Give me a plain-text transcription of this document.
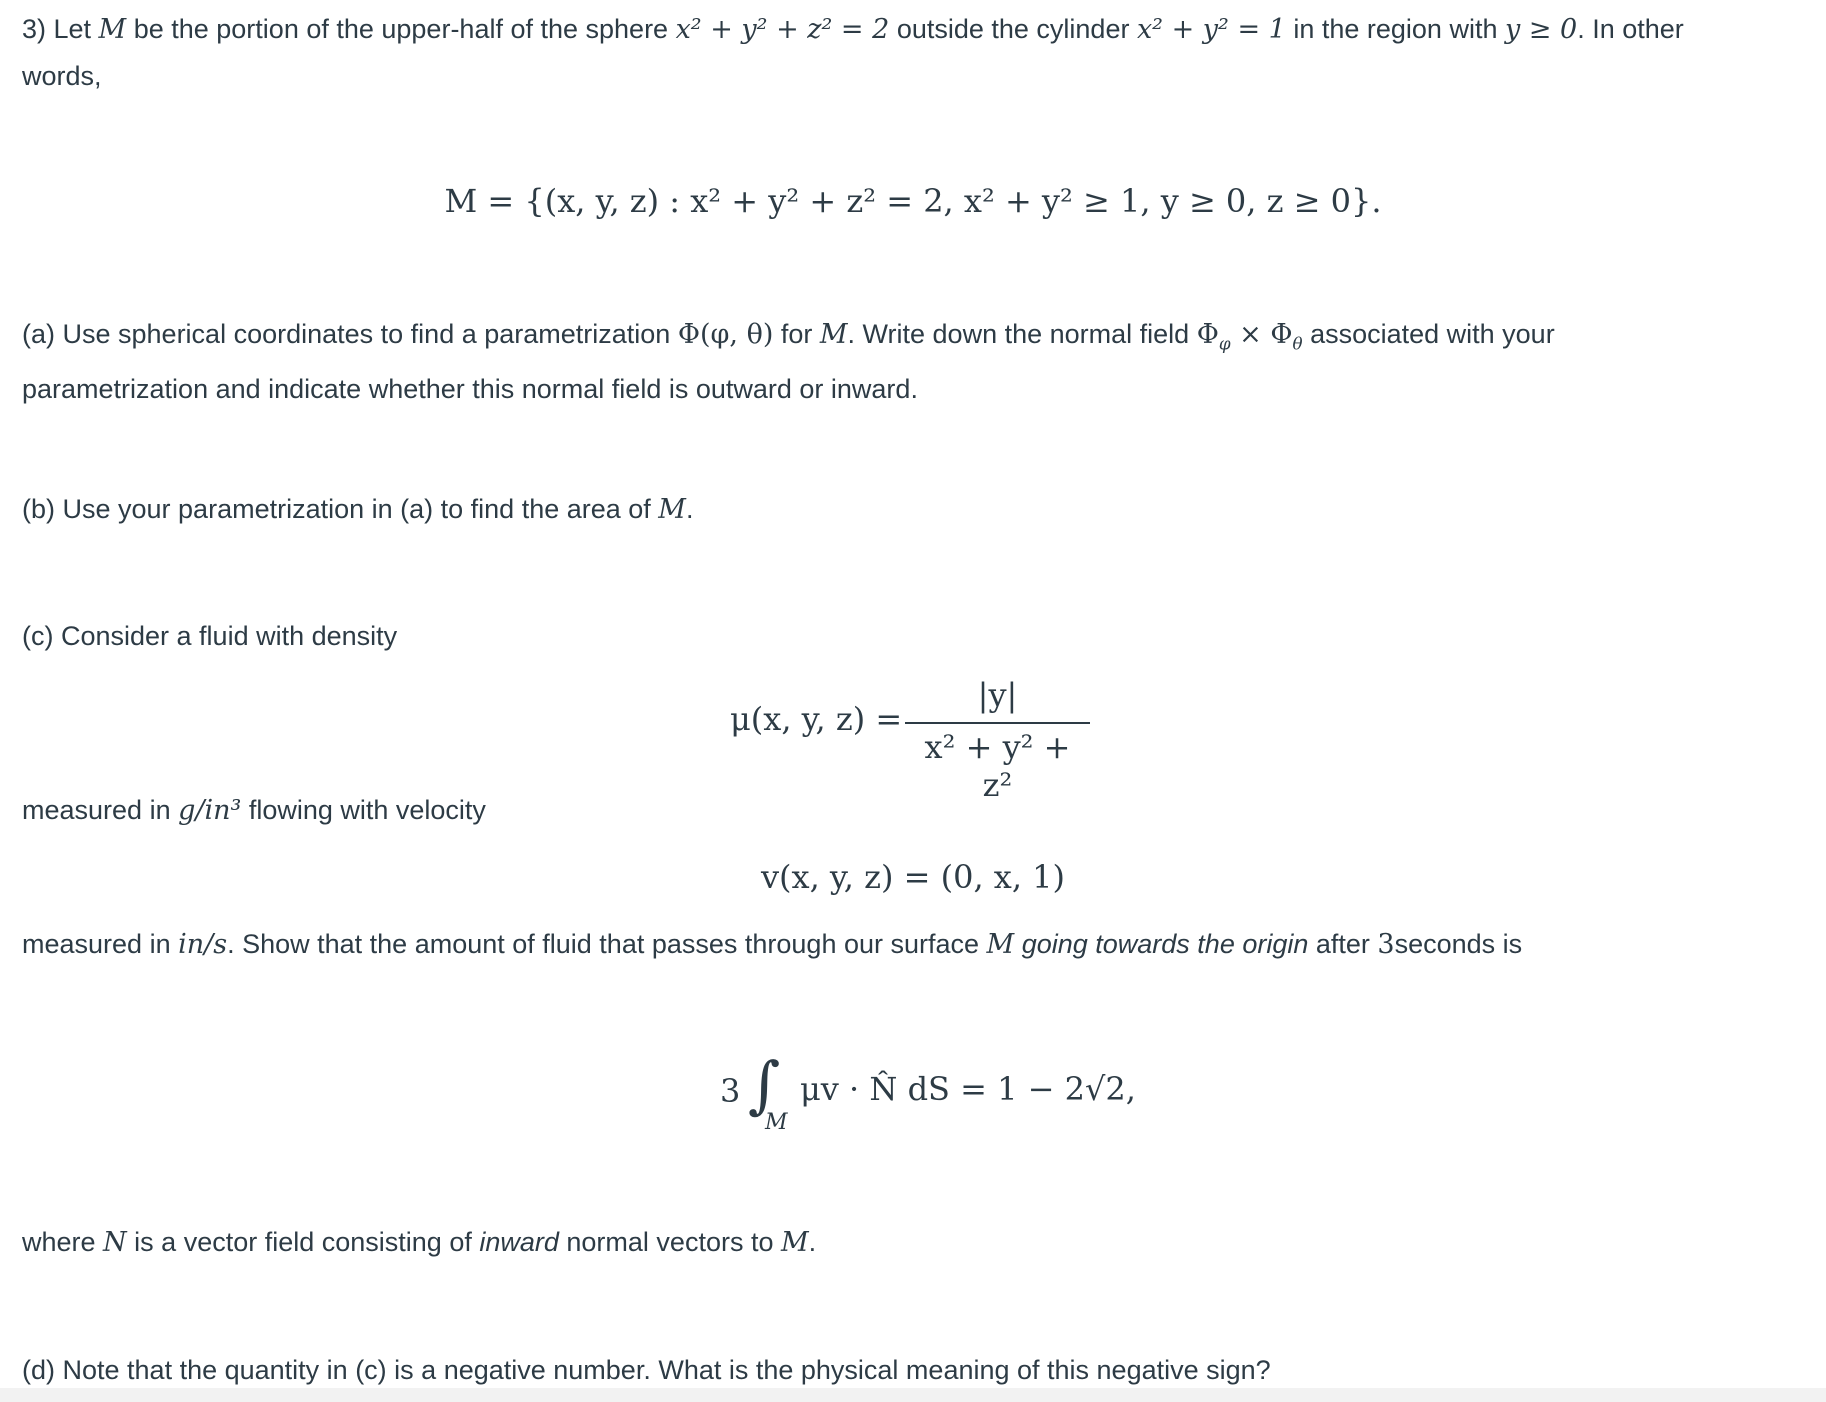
3) Let M be the portion of the upper-half of the sphere x² + y² + z² = 2 outside the cylinder x² + y² = 1 in the region with y ≥ 0. In other
words,

M = {(x, y, z) : x² + y² + z² = 2, x² + y² ≥ 1, y ≥ 0, z ≥ 0}.

(a) Use spherical coordinates to find a parametrization Φ(φ, θ) for M. Write down the normal field $\Phi_\varphi \times \Phi_\theta$ associated with your
parametrization and indicate whether this normal field is outward or inward.

(b) Use your parametrization in (a) to find the area of M.

(c) Consider a fluid with density

μ(x, y, z) =
|y|
x² + y² + z²

measured in g/in³ flowing with velocity

v(x, y, z) = (0, x, 1)

measured in in/s. Show that the amount of fluid that passes through our surface M going towards the origin after 3seconds is

3 ∫
M
μv · N̂ dS = 1 − 2√2,

where N is a vector field consisting of inward normal vectors to M.

(d) Note that the quantity in (c) is a negative number. What is the physical meaning of this negative sign?
